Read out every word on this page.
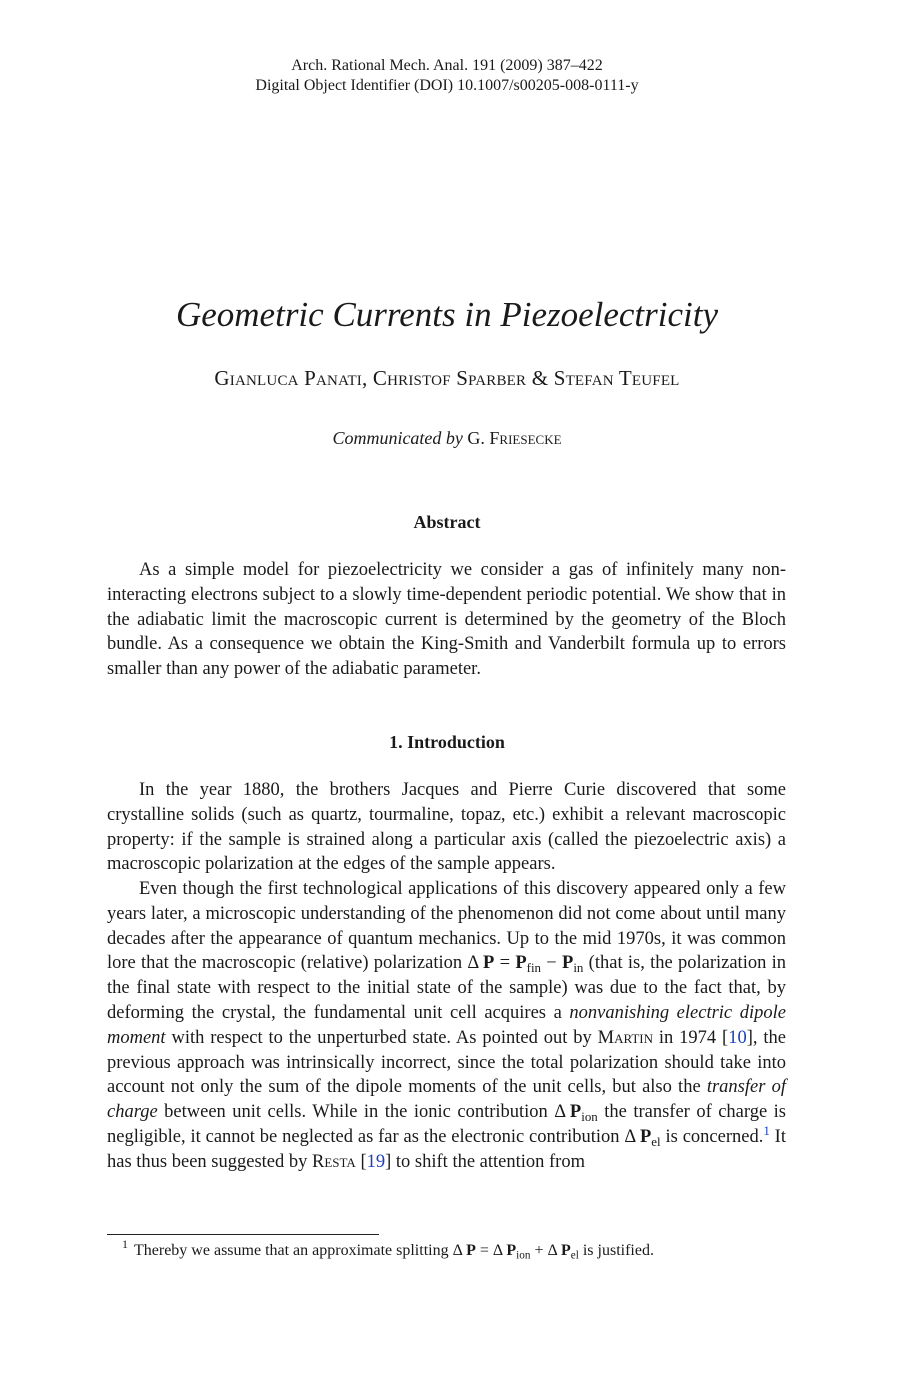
Arch. Rational Mech. Anal. 191 (2009) 387–422
Digital Object Identifier (DOI) 10.1007/s00205-008-0111-y
Geometric Currents in Piezoelectricity
Gianluca Panati, Christof Sparber & Stefan Teufel
Communicated by G. Friesecke
Abstract

As a simple model for piezoelectricity we consider a gas of infinitely many non-interacting electrons subject to a slowly time-dependent periodic potential. We show that in the adiabatic limit the macroscopic current is determined by the geometry of the Bloch bundle. As a consequence we obtain the King-Smith and Vanderbilt formula up to errors smaller than any power of the adiabatic parameter.

1. Introduction

In the year 1880, the brothers Jacques and Pierre Curie discovered that some crystalline solids (such as quartz, tourmaline, topaz, etc.) exhibit a relevant macroscopic property: if the sample is strained along a particular axis (called the piezoelectric axis) a macroscopic polarization at the edges of the sample appears.

Even though the first technological applications of this discovery appeared only a few years later, a microscopic understanding of the phenomenon did not come about until many decades after the appearance of quantum mechanics. Up to the mid 1970s, it was common lore that the macroscopic (relative) polarization Δ  $P = P_{fin} - P_{in}$ (that is, the polarization in the final state with respect to the initial state of the sample) was due to the fact that, by deforming the crystal, the fundamental unit cell acquires a nonvanishing electric dipole moment with respect to the unperturbed state. As pointed out by Martin in 1974 [10], the previous approach was intrinsically incorrect, since the total polarization should take into account not only the sum of the dipole moments of the unit cells, but also the transfer of charge between unit cells. While in the ionic contribution Δ  $P_{ion}$ the transfer of charge is negligible, it cannot be neglected as far as the electronic contribution Δ  $P_{el}$ is concerned.$^1$ It has thus been suggested by Resta [19] to shift the attention from

$^1$ Thereby we assume that an approximate splitting Δ  P = Δ  $P_{ion} + \Delta$  $P_{el}$ is justified.
